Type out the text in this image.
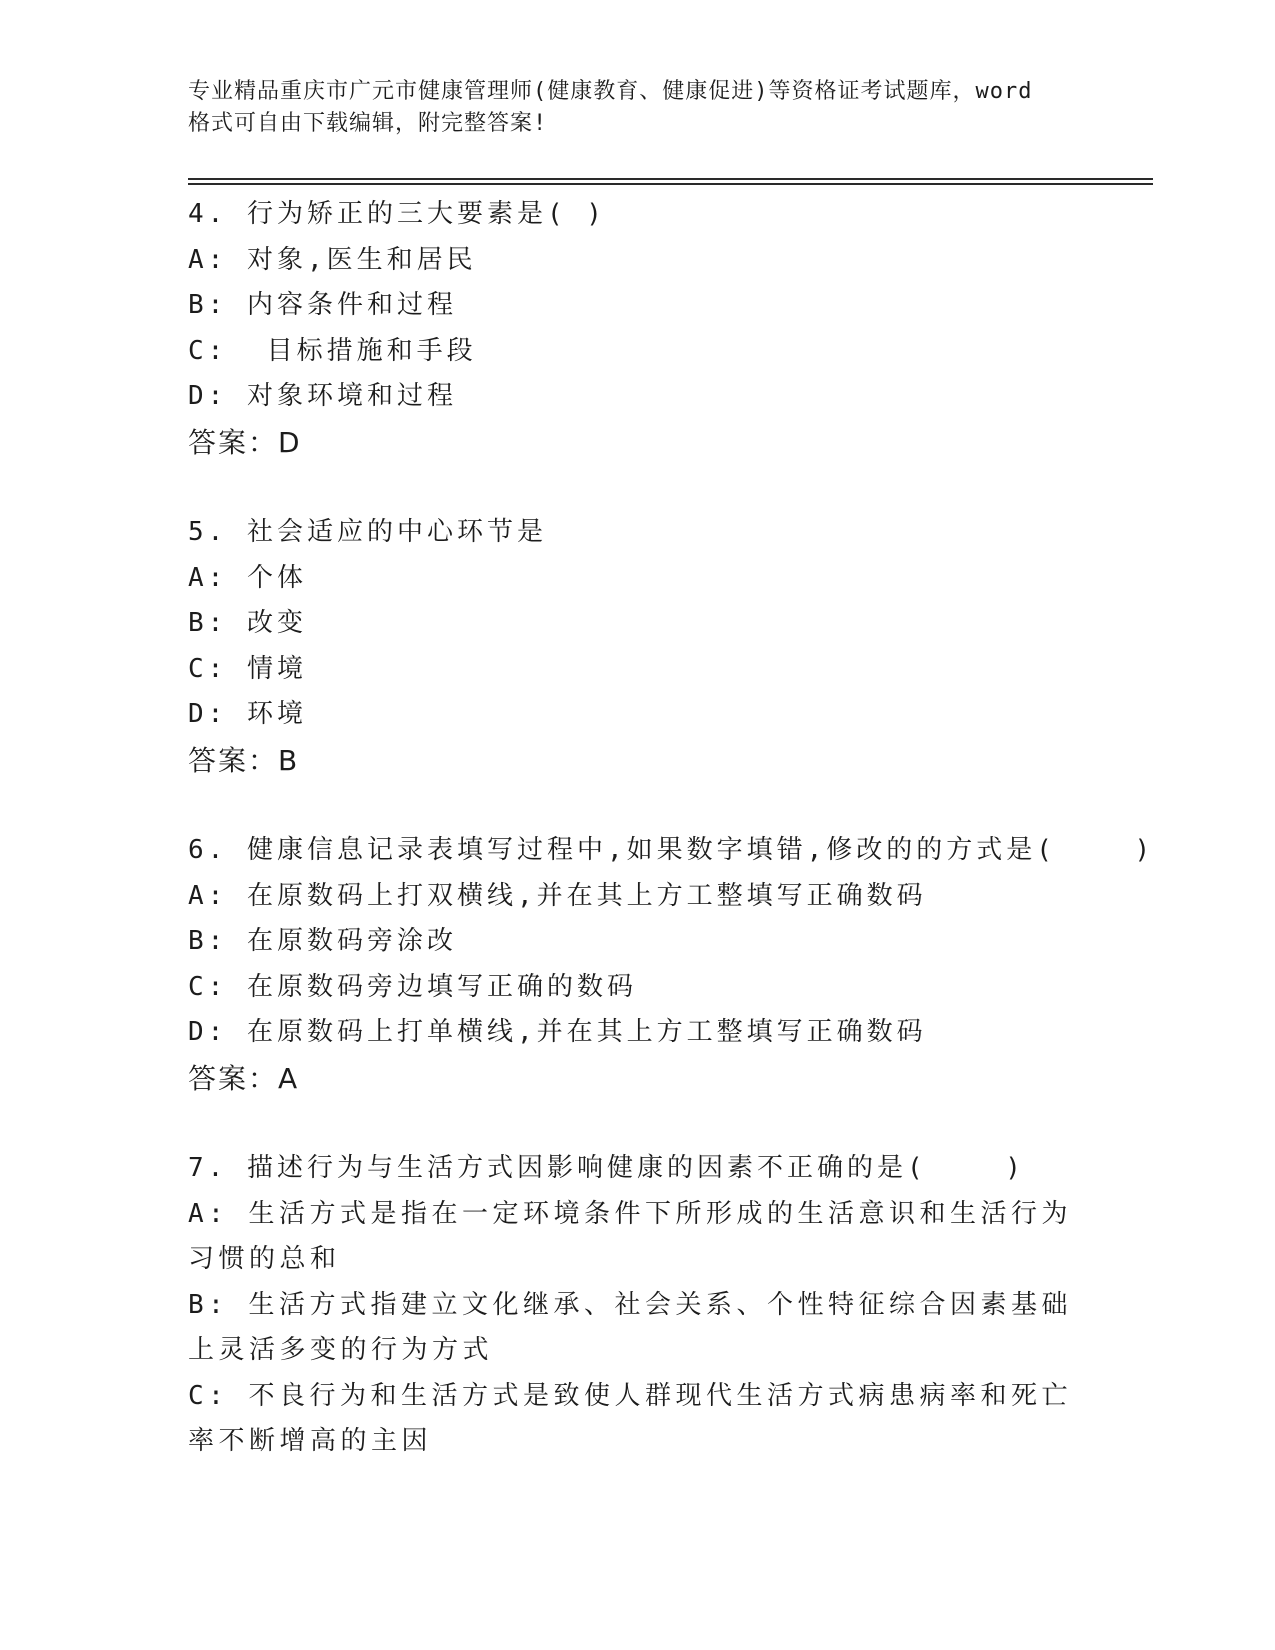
专业精品重庆市广元市健康管理师(健康教育、健康促进)等资格证考试题库，word
格式可自由下载编辑，附完整答案!
4. 行为矫正的三大要素是( )
A: 对象,医生和居民
B: 内容条件和过程
C:  目标措施和手段
D: 对象环境和过程
答案：D
5. 社会适应的中心环节是
A: 个体
B: 改变
C: 情境
D: 环境
答案：B
6. 健康信息记录表填写过程中,如果数字填错,修改的的方式是(    )
A: 在原数码上打双横线,并在其上方工整填写正确数码
B: 在原数码旁涂改
C: 在原数码旁边填写正确的数码
D: 在原数码上打单横线,并在其上方工整填写正确数码
答案：A
7. 描述行为与生活方式因影响健康的因素不正确的是(    )
A: 生活方式是指在一定环境条件下所形成的生活意识和生活行为习惯的总和
B: 生活方式指建立文化继承、社会关系、个性特征综合因素基础上灵活多变的行为方式
C: 不良行为和生活方式是致使人群现代生活方式病患病率和死亡率不断增高的主因
